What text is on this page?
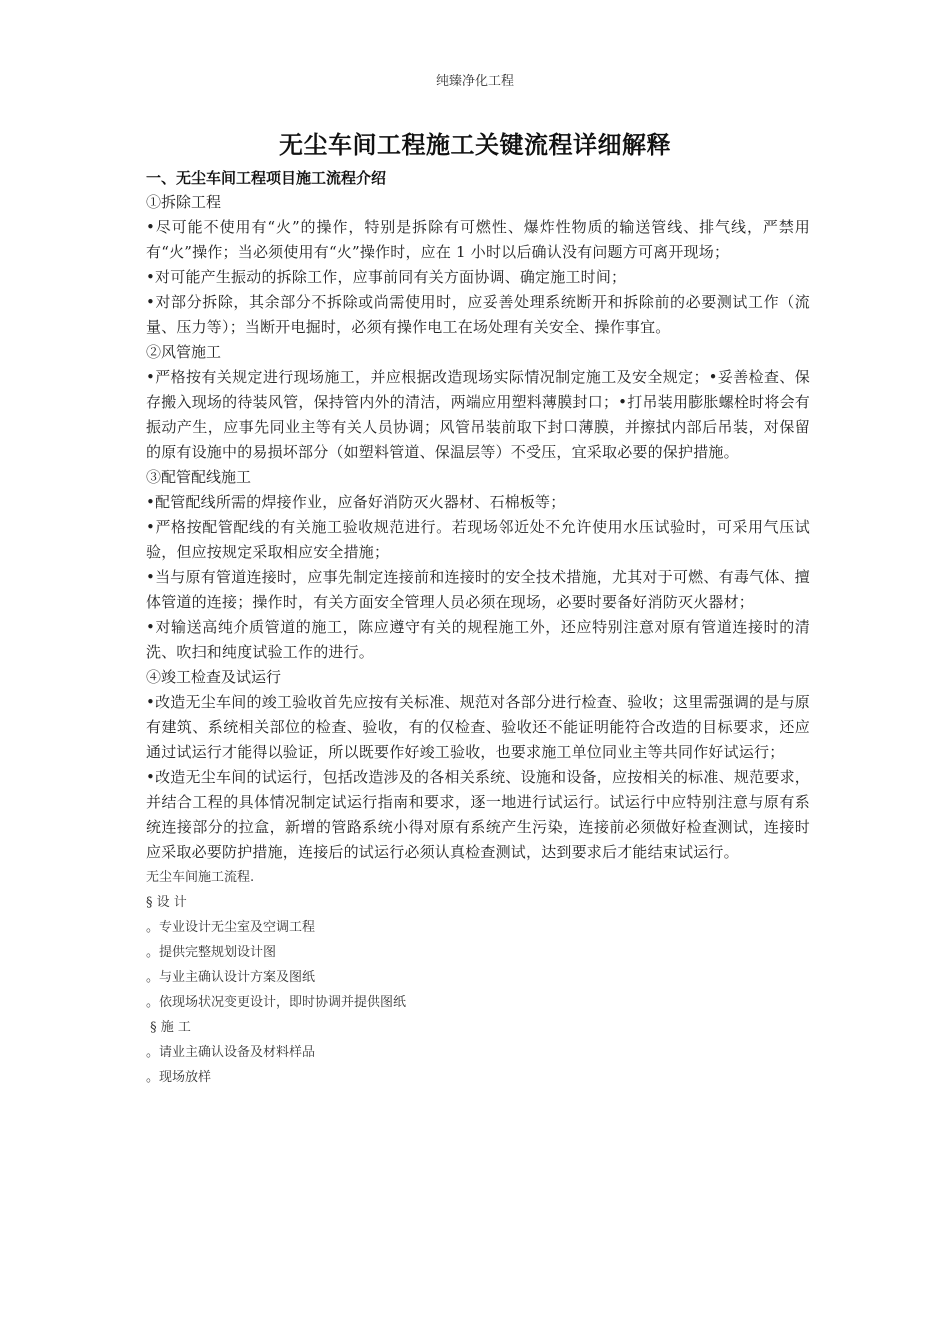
纯臻净化工程
无尘车间工程施工关键流程详细解释
一、无尘车间工程项目施工流程介绍
①拆除工程
•尽可能不使用有“火”的操作，特别是拆除有可燃性、爆炸性物质的输送管线、排气线，严禁用有“火”操作；当必须使用有“火”操作时，应在 1 小时以后确认没有问题方可离开现场；
•对可能产生振动的拆除工作，应事前同有关方面协调、确定施工时间；
•对部分拆除，其余部分不拆除或尚需使用时，应妥善处理系统断开和拆除前的必要测试工作（流量、压力等）；当断开电掘时，必须有操作电工在场处理有关安全、操作事宜。
②风管施工
•严格按有关规定进行现场施工，并应根据改造现场实际情况制定施工及安全规定；•妥善检查、保存搬入现场的待装风管，保持管内外的清洁，两端应用塑料薄膜封口；•打吊装用膨胀螺栓时将会有振动产生，应事先同业主等有关人员协调；风管吊装前取下封口薄膜，并擦拭内部后吊装，对保留的原有设施中的易损坏部分（如塑料管道、保温层等）不受压，宜采取必要的保护措施。
③配管配线施工
•配管配线所需的焊接作业，应备好消防灭火器材、石棉板等；
•严格按配管配线的有关施工验收规范进行。若现场邻近处不允许使用水压试验时，可采用气压试验，但应按规定采取相应安全措施；
•当与原有管道连接时，应事先制定连接前和连接时的安全技术措施，尤其对于可燃、有毒气体、擅体管道的连接；操作时，有关方面安全管理人员必须在现场，必要时要备好消防灭火器材；
•对输送高纯介质管道的施工，陈应遵守有关的规程施工外，还应特别注意对原有管道连接时的清洗、吹扫和纯度试验工作的进行。
④竣工检查及试运行
•改造无尘车间的竣工验收首先应按有关标准、规范对各部分进行检查、验收；这里需强调的是与原有建筑、系统相关部位的检查、验收，有的仅检查、验收还不能证明能符合改造的目标要求，还应通过试运行才能得以验证，所以既要作好竣工验收，也要求施工单位同业主等共同作好试运行；
•改造无尘车间的试运行，包括改造涉及的各相关系统、设施和设备，应按相关的标准、规范要求，并结合工程的具体情况制定试运行指南和要求，逐一地进行试运行。试运行中应特别注意与原有系统连接部分的拉盒，新增的管路系统小得对原有系统产生污染，连接前必须做好检查测试，连接时应采取必要防护措施，连接后的试运行必须认真检查测试，达到要求后才能结束试运行。
无尘车间施工流程.
§ 设 计
。专业设计无尘室及空调工程
。提供完整规划设计图
。与业主确认设计方案及图纸
。依现场状况变更设计，即时协调并提供图纸
§ 施 工
。请业主确认设备及材料样品
。现场放样
